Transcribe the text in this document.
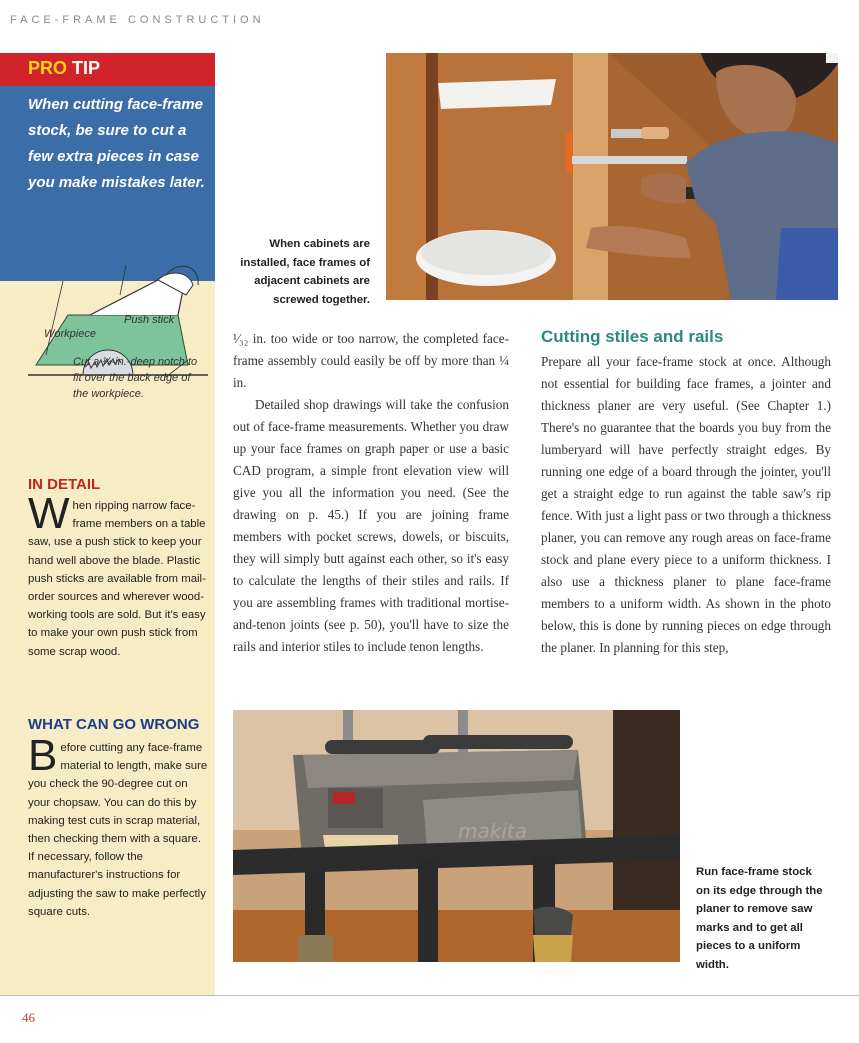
FACE-FRAME CONSTRUCTION
PRO TIP
When cutting face-frame stock, be sure to cut a few extra pieces in case you make mistakes later.
Workpiece
Push stick
Cut a ¼-in.-deep notch to fit over the back edge of the workpiece.
IN DETAIL
W hen ripping narrow face-frame members on a table saw, use a push stick to keep your hand well above the blade. Plastic push sticks are available from mail-order sources and wherever wood-working tools are sold. But it's easy to make your own push stick from some scrap wood.
WHAT CAN GO WRONG
B efore cutting any face-frame material to length, make sure you check the 90-degree cut on your chopsaw. You can do this by making test cuts in scrap material, then checking them with a square. If necessary, follow the manufacturer's instructions for adjusting the saw to make perfectly square cuts.
When cabinets are installed, face frames of adjacent cabinets are screwed together.

¹⁄₃₂ in. too wide or too narrow, the completed face-frame assembly could easily be off by more than ¼ in.

Detailed shop drawings will take the confusion out of face-frame measurements. Whether you draw up your face frames on graph paper or use a basic CAD program, a simple front elevation view will give you all the information you need. (See the drawing on p. 45.) If you are joining frame members with pocket screws, dowels, or biscuits, they will simply butt against each other, so it's easy to calculate the lengths of their stiles and rails. If you are assembling frames with traditional mortise-and-tenon joints (see p. 50), you'll have to size the rails and interior stiles to include tenon lengths.

Cutting stiles and rails

Prepare all your face-frame stock at once. Although not essential for building face frames, a jointer and thickness planer are very useful. (See Chapter 1.) There's no guarantee that the boards you buy from the lumberyard will have perfectly straight edges. By running one edge of a board through the jointer, you'll get a straight edge to run against the table saw's rip fence. With just a light pass or two through a thickness planer, you can remove any rough areas on face-frame stock and plane every piece to a uniform thickness. I also use a thickness planer to plane face-frame members to a uniform width. As shown in the photo below, this is done by running pieces on edge through the planer. In planning for this step,

makita
Run face-frame stock on its edge through the planer to remove saw marks and to get all pieces to a uniform width.
46
